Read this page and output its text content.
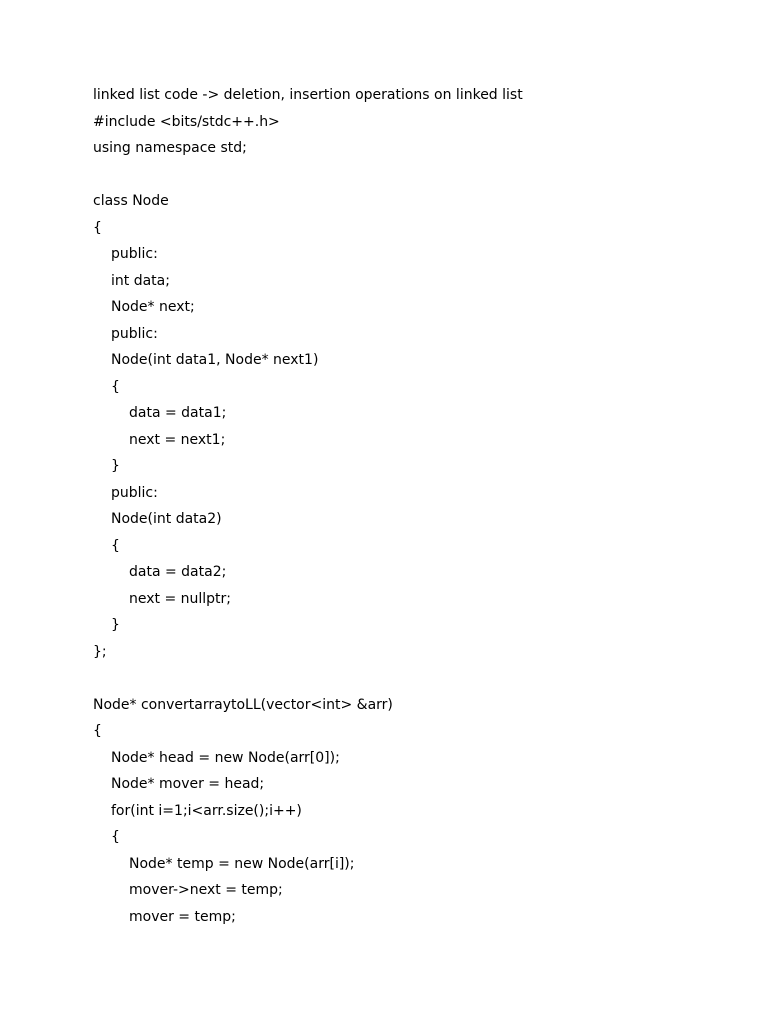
linked list code -> deletion, insertion operations on linked list
#include <bits/stdc++.h>
using namespace std;
class Node
{
public:
int data;
Node* next;
public:
Node(int data1, Node* next1)
{
data = data1;
next = next1;
}
public:
Node(int data2)
{
data = data2;
next = nullptr;
}
};
Node* convertarraytoLL(vector<int> &arr)
{
Node* head = new Node(arr[0]);
Node* mover = head;
for(int i=1;i<arr.size();i++)
{
Node* temp = new Node(arr[i]);
mover->next = temp;
mover = temp;
